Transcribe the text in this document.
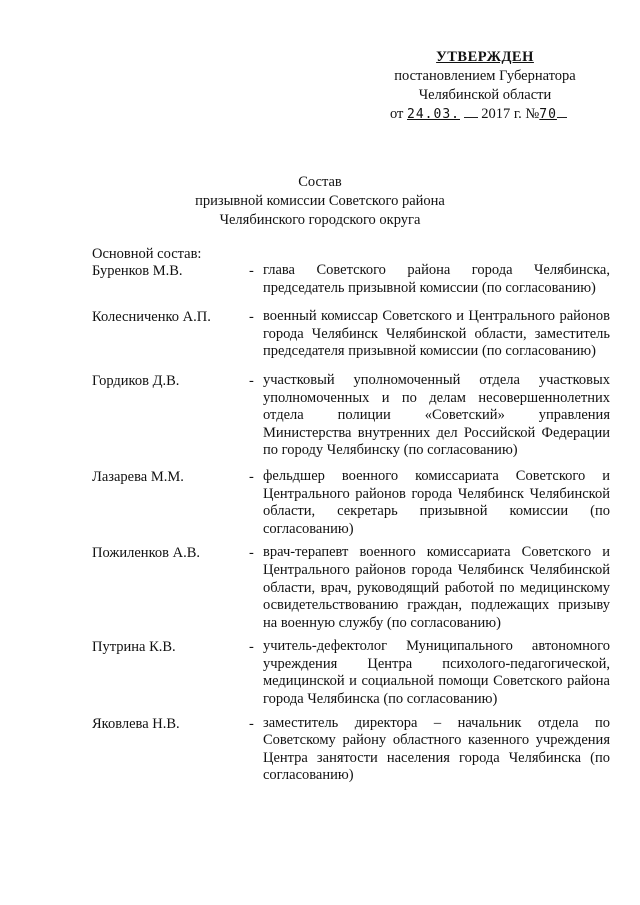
УТВЕРЖДЕН
постановлением Губернатора
Челябинской области
от 24.03. 2017 г. №70
Состав
призывной комиссии Советского района
Челябинского городского округа
Основной состав:
Буренков М.В.	- глава Советского района города Челябинска, председатель призывной комиссии (по согласованию)
Колесниченко А.П.	- военный комиссар Советского и Центрального районов города Челябинск Челябинской области, заместитель председателя призывной комиссии (по согласованию)
Гордиков Д.В.	- участковый уполномоченный отдела участковых уполномоченных и по делам несовершеннолетних отдела полиции «Советский» управления Министерства внутренних дел Российской Федерации по городу Челябинску (по согласованию)
Лазарева М.М.	- фельдшер военного комиссариата Советского и Центрального районов города Челябинск Челябинской области, секретарь призывной комиссии (по согласованию)
Пожиленков А.В.	- врач-терапевт военного комиссариата Советского и Центрального районов города Челябинск Челябинской области, врач, руководящий работой по медицинскому освидетельствованию граждан, подлежащих призыву на военную службу (по согласованию)
Путрина К.В.	- учитель-дефектолог Муниципального автономного учреждения Центра психолого-педагогической, медицинской и социальной помощи Советского района города Челябинска (по согласованию)
Яковлева Н.В.	- заместитель директора – начальник отдела по Советскому району областного казенного учреждения Центра занятости населения города Челябинска (по согласованию)
